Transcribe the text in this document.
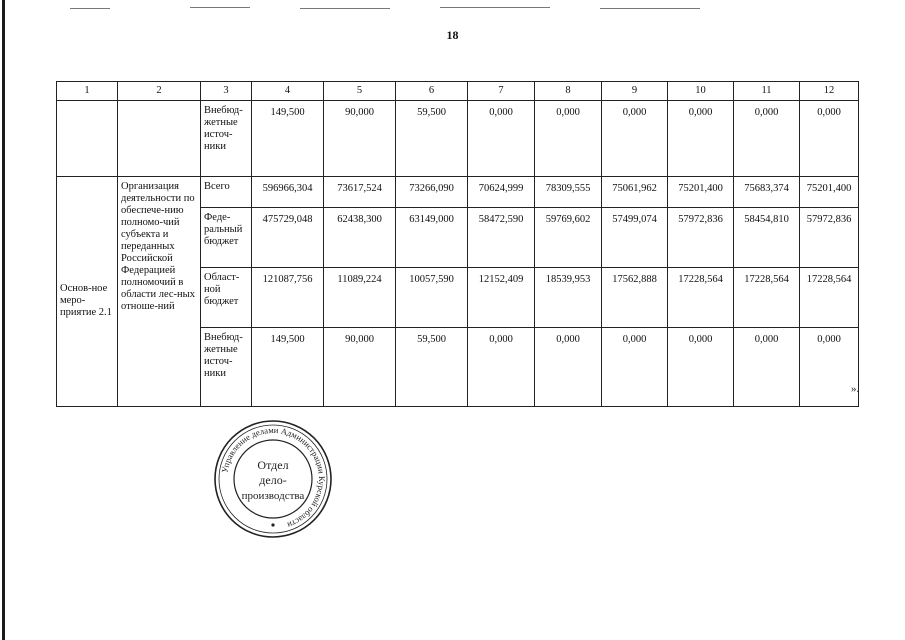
18
1	2	3	4	5	6	7	8	9	10	11	12
		Внебюд-жетные источ-ники	149,500	90,000	59,500	0,000	0,000	0,000	0,000	0,000	0,000
Основ-ное меро-приятие 2.1	Организация деятельности по обеспече-нию полномо-чий субъекта и переданных Российской Федерацией полномочий в области лес-ных отноше-ний	Всего	596966,304	73617,524	73266,090	70624,999	78309,555	75061,962	75201,400	75683,374	75201,400
		Феде-ральный бюджет	475729,048	62438,300	63149,000	58472,590	59769,602	57499,074	57972,836	58454,810	57972,836
		Област-ной бюджет	121087,756	11089,224	10057,590	12152,409	18539,953	17562,888	17228,564	17228,564	17228,564
		Внебюд-жетные источ-ники	149,500	90,000	59,500	0,000	0,000	0,000	0,000	0,000	0,000
».
Управление делами Администрации Курской области
Отдел
дело-
производства
